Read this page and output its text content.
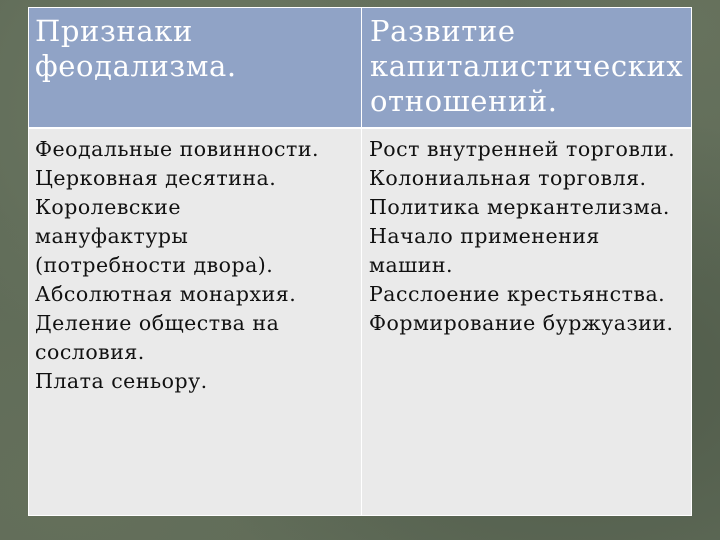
Признаки
феодализма.
Развитие
капиталистических
отношений.
Феодальные повинности.
Церковная десятина.
Королевские
мануфактуры
(потребности двора).
Абсолютная монархия.
Деление общества на
сословия.
Плата сеньору.
Рост внутренней торговли.
Колониальная торговля.
Политика меркантелизма.
Начало применения
машин.
Расслоение крестьянства.
Формирование буржуазии.
